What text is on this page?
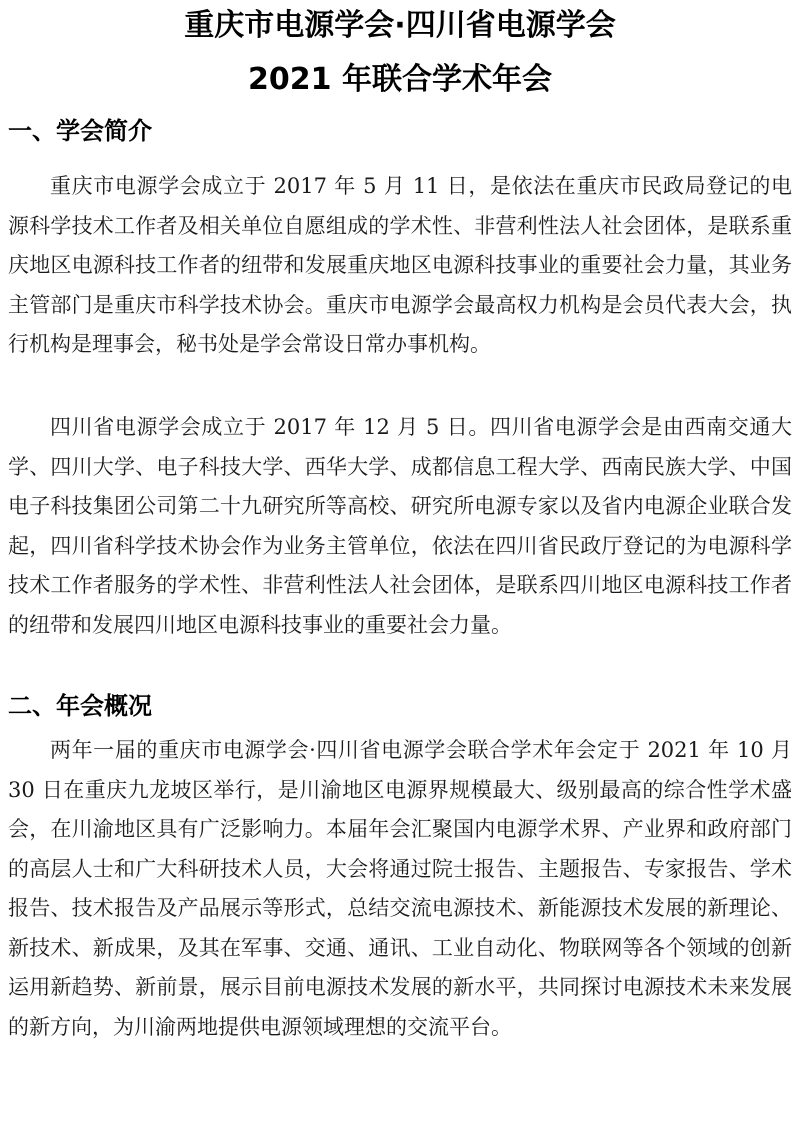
重庆市电源学会·四川省电源学会
2021 年联合学术年会
一、学会简介

重庆市电源学会成立于 2017 年 5 月 11 日，是依法在重庆市民政局登记的电源科学技术工作者及相关单位自愿组成的学术性、非营利性法人社会团体，是联系重庆地区电源科技工作者的纽带和发展重庆地区电源科技事业的重要社会力量，其业务主管部门是重庆市科学技术协会。重庆市电源学会最高权力机构是会员代表大会，执行机构是理事会，秘书处是学会常设日常办事机构。

四川省电源学会成立于 2017 年 12 月 5 日。四川省电源学会是由西南交通大学、四川大学、电子科技大学、西华大学、成都信息工程大学、西南民族大学、中国电子科技集团公司第二十九研究所等高校、研究所电源专家以及省内电源企业联合发起，四川省科学技术协会作为业务主管单位，依法在四川省民政厅登记的为电源科学技术工作者服务的学术性、非营利性法人社会团体，是联系四川地区电源科技工作者的纽带和发展四川地区电源科技事业的重要社会力量。

二、年会概况

两年一届的重庆市电源学会·四川省电源学会联合学术年会定于 2021 年 10 月 30 日在重庆九龙坡区举行，是川渝地区电源界规模最大、级别最高的综合性学术盛会，在川渝地区具有广泛影响力。本届年会汇聚国内电源学术界、产业界和政府部门的高层人士和广大科研技术人员，大会将通过院士报告、主题报告、专家报告、学术报告、技术报告及产品展示等形式，总结交流电源技术、新能源技术发展的新理论、新技术、新成果，及其在军事、交通、通讯、工业自动化、物联网等各个领域的创新运用新趋势、新前景，展示目前电源技术发展的新水平，共同探讨电源技术未来发展的新方向，为川渝两地提供电源领域理想的交流平台。
